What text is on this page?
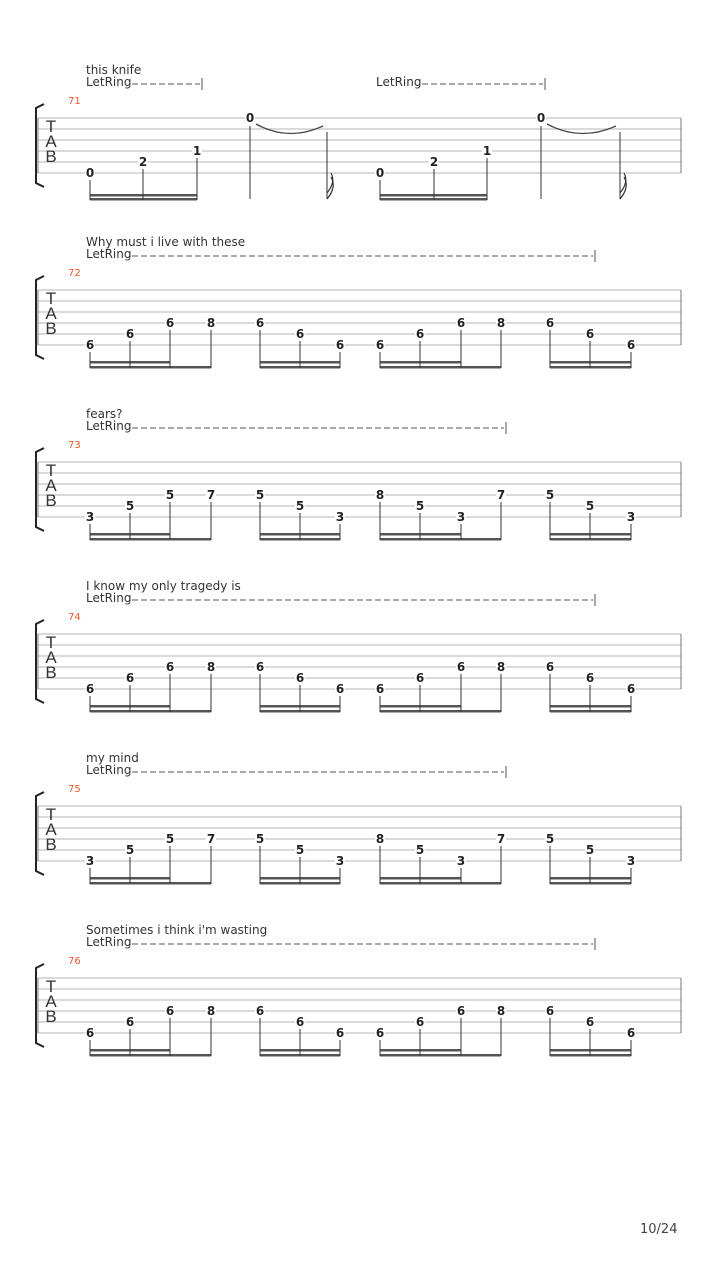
T
A
B
71
this knife
LetRing	LetRing
0
2
1
0
0
2
1
0
T
A
B
72
Why must i live with these
LetRing
6
6
6	8	6
6
6	6
6
6	8	6
6
6
T
A
B
73
fears?
LetRing
3
5
5	7	5
5
3
8
5
3
7	5
5
3
T
A
B
74
I know my only tragedy is
LetRing
6
6
6	8	6
6
6	6
6
6	8	6
6
6
T
A
B
75
my mind
LetRing
3
5
5	7	5
5
3
8
5
3
7	5
5
3
T
A
B
76
Sometimes i think i'm wasting
LetRing
6
6
6	8	6
6
6	6
6
6	8	6
6
6
10/24
